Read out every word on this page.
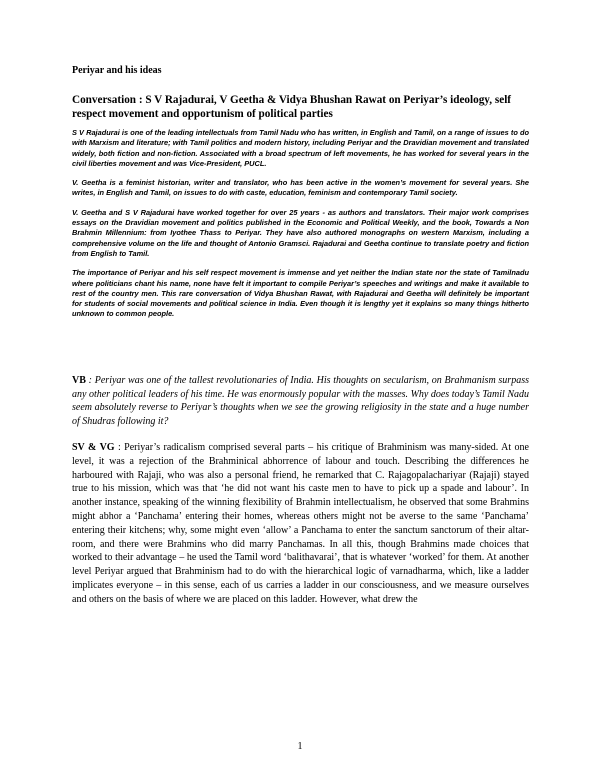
Periyar and his ideas

Conversation : S V Rajadurai, V Geetha & Vidya Bhushan Rawat on Periyar’s ideology, self respect movement and opportunism of political parties

S V Rajadurai is one of the leading intellectuals from Tamil Nadu who has written, in English and Tamil, on a range of issues to do with Marxism and literature; with Tamil politics and modern history, including Periyar and the Dravidian movement and translated widely, both fiction and non-fiction. Associated with a broad spectrum of left movements, he has worked for several years in the civil liberties movement and was Vice-President, PUCL.

V. Geetha is a feminist historian, writer and translator, who has been active in the women’s movement for several years. She writes, in English and Tamil, on issues to do with caste, education, feminism and contemporary Tamil society.

V. Geetha and S V Rajadurai have worked together for over 25 years - as authors and translators. Their major work comprises essays on the Dravidian movement and politics published in the Economic and Political Weekly, and the book, Towards a Non Brahmin Millennium: from Iyothee Thass to Periyar. They have also authored monographs on western Marxism, including a comprehensive volume on the life and thought of Antonio Gramsci. Rajadurai and Geetha continue to translate poetry and fiction from English to Tamil.

The importance of Periyar and his self respect movement is immense and yet neither the Indian state nor the state of Tamilnadu where politicians chant his name, none have felt it important to compile Periyar’s speeches and writings and make it available to rest of the country men. This rare conversation of Vidya Bhushan Rawat, with Rajadurai and Geetha will definitely be important for students of social movements and political science in India. Even though it is lengthy yet it explains so many things hitherto unknown to common people.

VB : Periyar was one of the tallest revolutionaries of India. His thoughts on secularism, on Brahmanism surpass any other political leaders of his time. He was enormously popular with the masses. Why does today’s Tamil Nadu seem absolutely reverse to Periyar’s thoughts when we see the growing religiosity in the state and a huge number of Shudras following it?

SV & VG : Periyar’s radicalism comprised several parts – his critique of Brahminism was many-sided. At one level, it was a rejection of the Brahminical abhorrence of labour and touch. Describing the differences he harboured with Rajaji, who was also a personal friend, he remarked that C. Rajagopalachariyar (Rajaji) stayed true to his mission, which was that ‘he did not want his caste men to have to pick up a spade and labour’. In another instance, speaking of the winning flexibility of Brahmin intellectualism, he observed that some Brahmins might abhor a ‘Panchama’ entering their homes, whereas others might not be averse to the same ‘Panchama’ entering their kitchens; why, some might even ‘allow’ a Panchama to enter the sanctum sanctorum of their altar-room, and there were Brahmins who did marry Panchamas. In all this, though Brahmins made choices that worked to their advantage – he used the Tamil word ‘balithavarai’, that is whatever ‘worked’ for them. At another level Periyar argued that Brahminism had to do with the hierarchical logic of varnadharma, which, like a ladder implicates everyone – in this sense, each of us carries a ladder in our consciousness, and we measure ourselves and others on the basis of where we are placed on this ladder. However, what drew the

1
